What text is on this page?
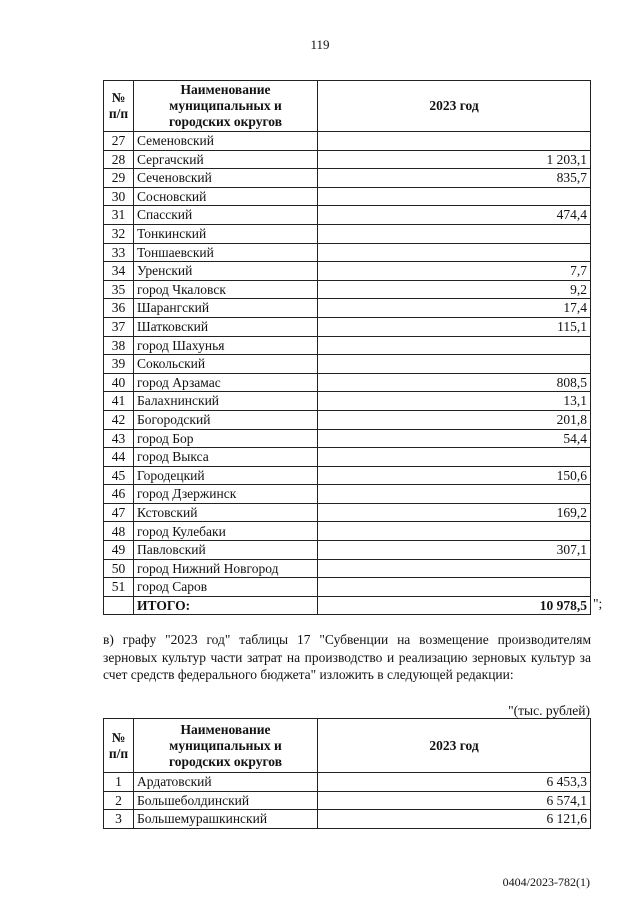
119
№ п/п	Наименование муниципальных и городских округов	2023 год
27	Семеновский	
28	Сергачский	1 203,1
29	Сеченовский	835,7
30	Сосновский	
31	Спасский	474,4
32	Тонкинский	
33	Тоншаевский	
34	Уренский	7,7
35	город Чкаловск	9,2
36	Шарангский	17,4
37	Шатковский	115,1
38	город Шахунья	
39	Сокольский	
40	город Арзамас	808,5
41	Балахнинский	13,1
42	Богородский	201,8
43	город Бор	54,4
44	город Выкса	
45	Городецкий	150,6
46	город Дзержинск	
47	Кстовский	169,2
48	город Кулебаки	
49	Павловский	307,1
50	город Нижний Новгород	
51	город Саров	
	ИТОГО:	10 978,5 ";
в) графу "2023 год" таблицы 17 "Субвенции на возмещение производителям зерновых культур части затрат на производство и реализацию зерновых культур за счет средств федерального бюджета" изложить в следующей редакции:
"(тыс. рублей)
№ п/п	Наименование муниципальных и городских округов	2023 год
1	Ардатовский	6 453,3
2	Большеболдинский	6 574,1
3	Большемурашкинский	6 121,6
0404/2023-782(1)
